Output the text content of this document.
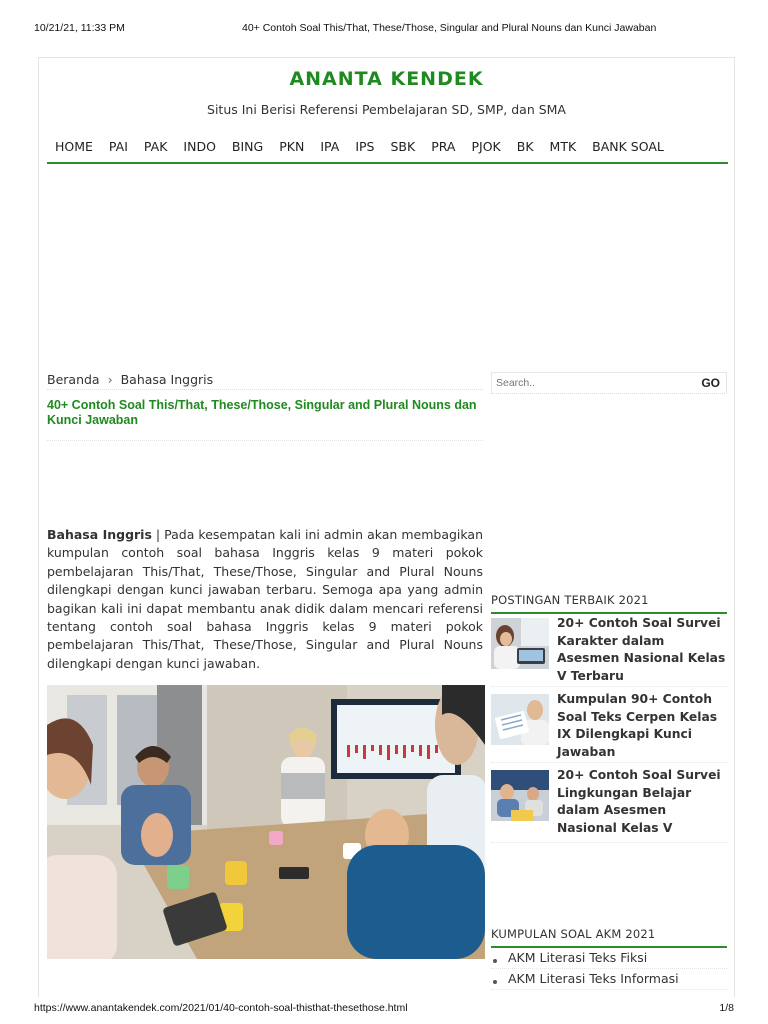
10/21/21, 11:33 PM	40+ Contoh Soal This/That, These/Those, Singular and Plural Nouns dan Kunci Jawaban
ANANTA KENDEK
Situs Ini Berisi Referensi Pembelajaran SD, SMP, dan SMA
HOME PAI PAK INDO BING PKN IPA IPS SBK PRA PJOK BK MTK BANK SOAL
Beranda › Bahasa Inggris
40+ Contoh Soal This/That, These/Those, Singular and Plural Nouns dan Kunci Jawaban
Bahasa Inggris | Pada kesempatan kali ini admin akan membagikan kumpulan contoh soal bahasa Inggris kelas 9 materi pokok pembelajaran This/That, These/Those, Singular and Plural Nouns dilengkapi dengan kunci jawaban terbaru. Semoga apa yang admin bagikan kali ini dapat membantu anak didik dalam mencari referensi tentang contoh soal bahasa Inggris kelas 9 materi pokok pembelajaran This/That, These/Those, Singular and Plural Nouns dilengkapi dengan kunci jawaban.
Search..
GO
POSTINGAN TERBAIK 2021
20+ Contoh Soal Survei Karakter dalam Asesmen Nasional Kelas V Terbaru
Kumpulan 90+ Contoh Soal Teks Cerpen Kelas IX Dilengkapi Kunci Jawaban
20+ Contoh Soal Survei Lingkungan Belajar dalam Asesmen Nasional Kelas V
KUMPULAN SOAL AKM 2021
AKM Literasi Teks Fiksi
AKM Literasi Teks Informasi
https://www.anantakendek.com/2021/01/40-contoh-soal-thisthat-thesethose.html	1/8
